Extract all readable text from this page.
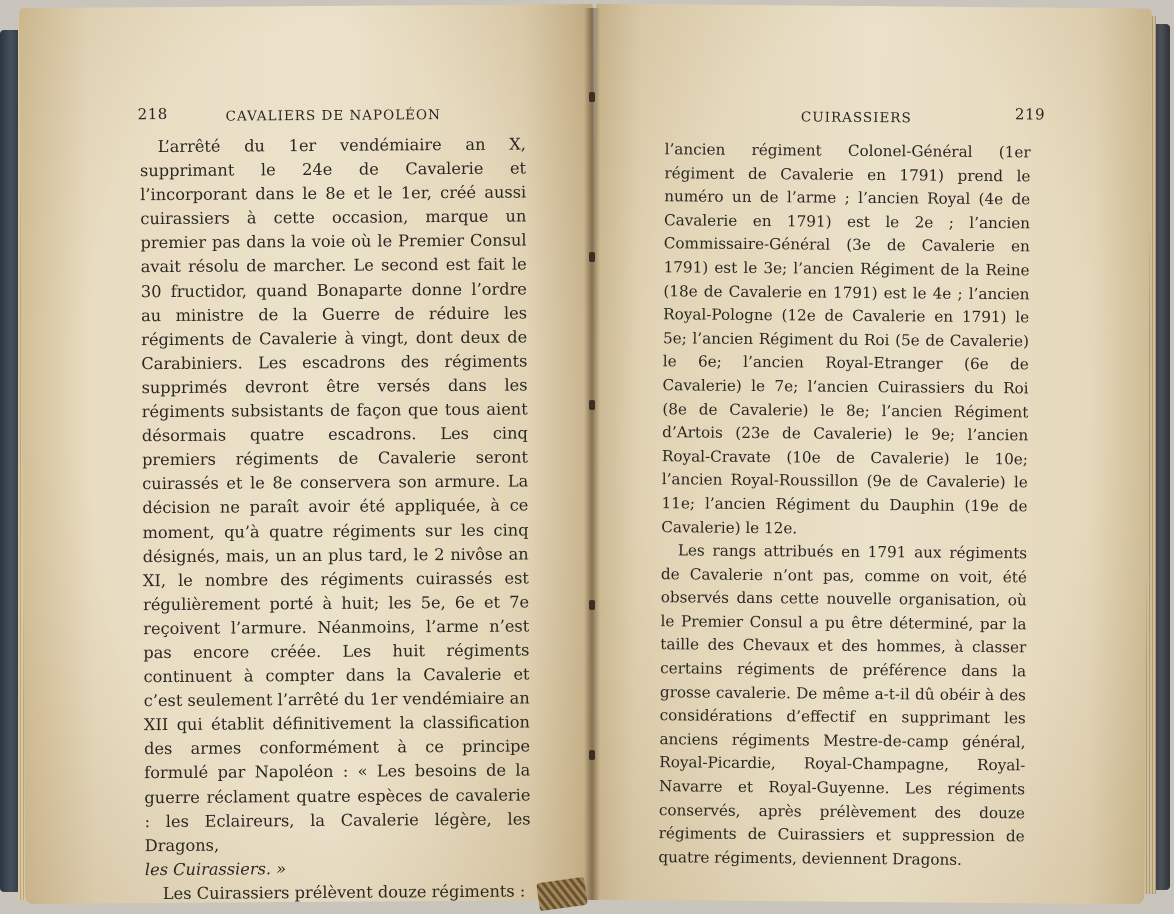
218	CAVALIERS DE NAPOLÉON

L’arrêté du 1er vendémiaire an X, supprimant le 24e de Cavalerie et l’incorporant dans le 8e et le 1er, créé aussi cuirassiers à cette occasion, marque un premier pas dans la voie où le Premier Consul avait résolu de marcher. Le second est fait le 30 fructidor, quand Bonaparte donne l’ordre au ministre de la Guerre de réduire les régiments de Cavalerie à vingt, dont deux de Carabiniers. Les escadrons des régiments supprimés devront être versés dans les régiments subsistants de façon que tous aient désormais quatre escadrons. Les cinq premiers régiments de Cavalerie seront cuirassés et le 8e conservera son armure. La décision ne paraît avoir été appliquée, à ce moment, qu’à quatre régiments sur les cinq désignés, mais, un an plus tard, le 2 nivôse an XI, le nombre des régiments cuirassés est régulièrement porté à huit; les 5e, 6e et 7e reçoivent l’armure. Néanmoins, l’arme n’est pas encore créée. Les huit régiments continuent à compter dans la Cavalerie et c’est seulement l’arrêté du 1er vendémiaire an XII qui établit définitivement la classification des armes conformément à ce principe formulé par Napoléon : « Les besoins de la guerre réclament quatre espèces de cavalerie : les Eclaireurs, la Cavalerie légère, les Dragons,

les Cuirassiers. »

Les Cuirassiers prélèvent douze régiments :

CUIRASSIERS	219

l’ancien régiment Colonel-Général (1er régiment de Cavalerie en 1791) prend le numéro un de l’arme ; l’ancien Royal (4e de Cavalerie en 1791) est le 2e ; l’ancien Commissaire-Général (3e de Cavalerie en 1791) est le 3e; l’ancien Régiment de la Reine (18e de Cavalerie en 1791) est le 4e ; l’ancien Royal-Pologne (12e de Cavalerie en 1791) le 5e; l’ancien Régiment du Roi (5e de Cavalerie) le 6e; l’ancien Royal-Etranger (6e de Cavalerie) le 7e; l’ancien Cuirassiers du Roi (8e de Cavalerie) le 8e; l’ancien Régiment d’Artois (23e de Cavalerie) le 9e; l’ancien Royal-Cravate (10e de Cavalerie) le 10e; l’ancien Royal-Roussillon (9e de Cavalerie) le 11e; l’ancien Régiment du Dauphin (19e de Cavalerie) le 12e.

Les rangs attribués en 1791 aux régiments de Cavalerie n’ont pas, comme on voit, été observés dans cette nouvelle organisation, où le Premier Consul a pu être déterminé, par la taille des Chevaux et des hommes, à classer certains régiments de préférence dans la grosse cavalerie. De même a-t-il dû obéir à des considérations d’effectif en supprimant les anciens régiments Mestre-de-camp général, Royal-Picardie, Royal-Champagne, Royal-Navarre et Royal-Guyenne. Les régiments conservés, après prélèvement des douze régiments de Cuirassiers et suppression de quatre régiments, deviennent Dragons.
